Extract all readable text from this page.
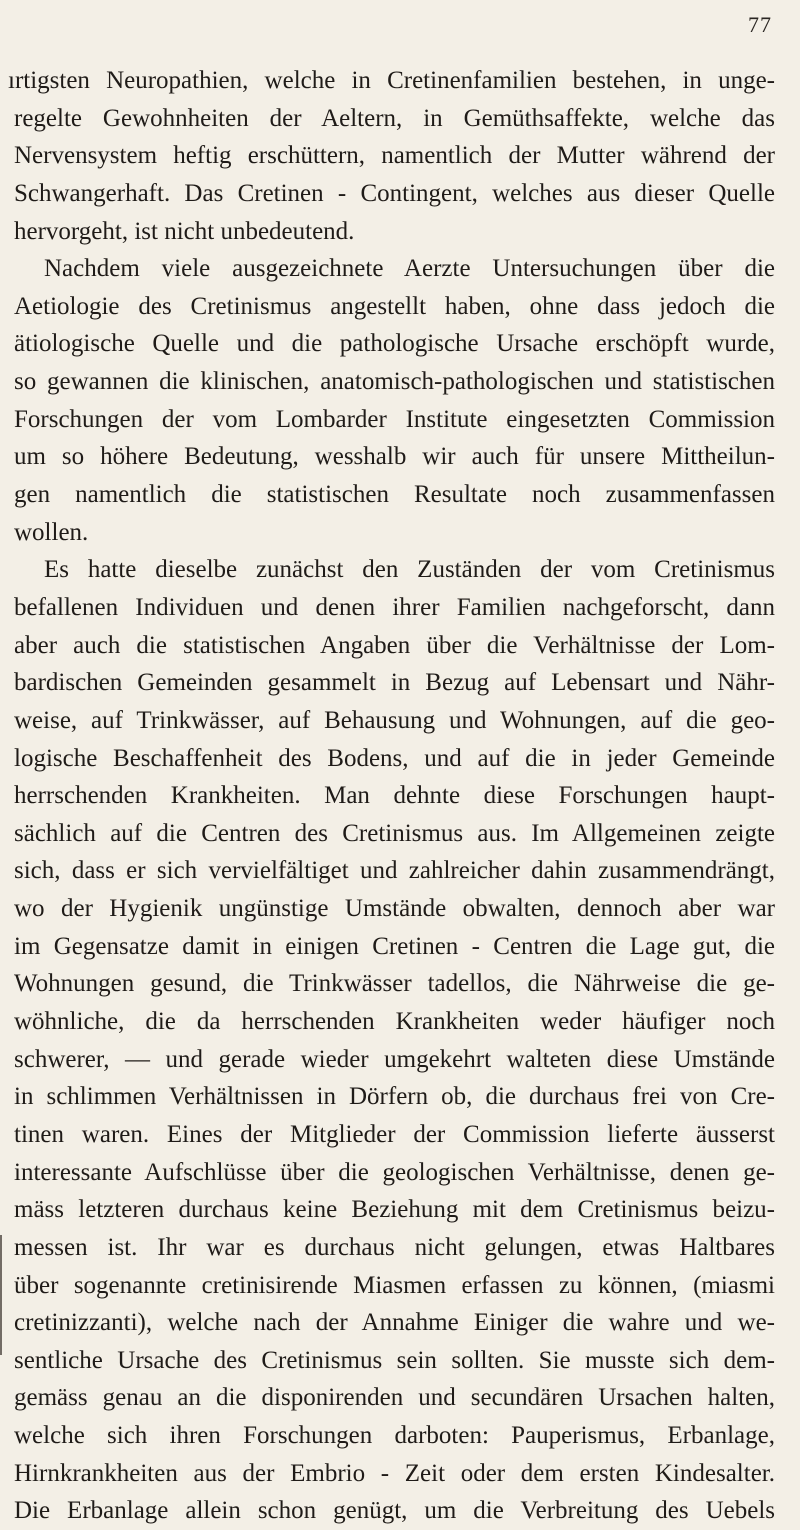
77
ırtigsten Neuropathien, welche in Cretinenfamilien bestehen, in unge-
regelte Gewohnheiten der Aeltern, in Gemüthsaffekte, welche das
Nervensystem heftig erschüttern, namentlich der Mutter während der
Schwangerhaft. Das Cretinen - Contingent, welches aus dieser Quelle
hervorgeht, ist nicht unbedeutend.
Nachdem viele ausgezeichnete Aerzte Untersuchungen über die
Aetiologie des Cretinismus angestellt haben, ohne dass jedoch die
ätiologische Quelle und die pathologische Ursache erschöpft wurde,
so gewannen die klinischen, anatomisch-pathologischen und statistischen
Forschungen der vom Lombarder Institute eingesetzten Commission
um so höhere Bedeutung, wesshalb wir auch für unsere Mittheilun-
gen namentlich die statistischen Resultate noch zusammenfassen
wollen.
Es hatte dieselbe zunächst den Zuständen der vom Cretinismus
befallenen Individuen und denen ihrer Familien nachgeforscht, dann
aber auch die statistischen Angaben über die Verhältnisse der Lom-
bardischen Gemeinden gesammelt in Bezug auf Lebensart und Nähr-
weise, auf Trinkwässer, auf Behausung und Wohnungen, auf die geo-
logische Beschaffenheit des Bodens, und auf die in jeder Gemeinde
herrschenden Krankheiten. Man dehnte diese Forschungen haupt-
sächlich auf die Centren des Cretinismus aus. Im Allgemeinen zeigte
sich, dass er sich vervielfältiget und zahlreicher dahin zusammendrängt,
wo der Hygienik ungünstige Umstände obwalten, dennoch aber war
im Gegensatze damit in einigen Cretinen - Centren die Lage gut, die
Wohnungen gesund, die Trinkwässer tadellos, die Nährweise die ge-
wöhnliche, die da herrschenden Krankheiten weder häufiger noch
schwerer, — und gerade wieder umgekehrt walteten diese Umstände
in schlimmen Verhältnissen in Dörfern ob, die durchaus frei von Cre-
tinen waren. Eines der Mitglieder der Commission lieferte äusserst
interessante Aufschlüsse über die geologischen Verhältnisse, denen ge-
mäss letzteren durchaus keine Beziehung mit dem Cretinismus beizu-
messen ist. Ihr war es durchaus nicht gelungen, etwas Haltbares
über sogenannte cretinisirende Miasmen erfassen zu können, (miasmi
cretinizzanti), welche nach der Annahme Einiger die wahre und we-
sentliche Ursache des Cretinismus sein sollten. Sie musste sich dem-
gemäss genau an die disponirenden und secundären Ursachen halten,
welche sich ihren Forschungen darboten: Pauperismus, Erbanlage,
Hirnkrankheiten aus der Embrio - Zeit oder dem ersten Kindesalter.
Die Erbanlage allein schon genügt, um die Verbreitung des Uebels
